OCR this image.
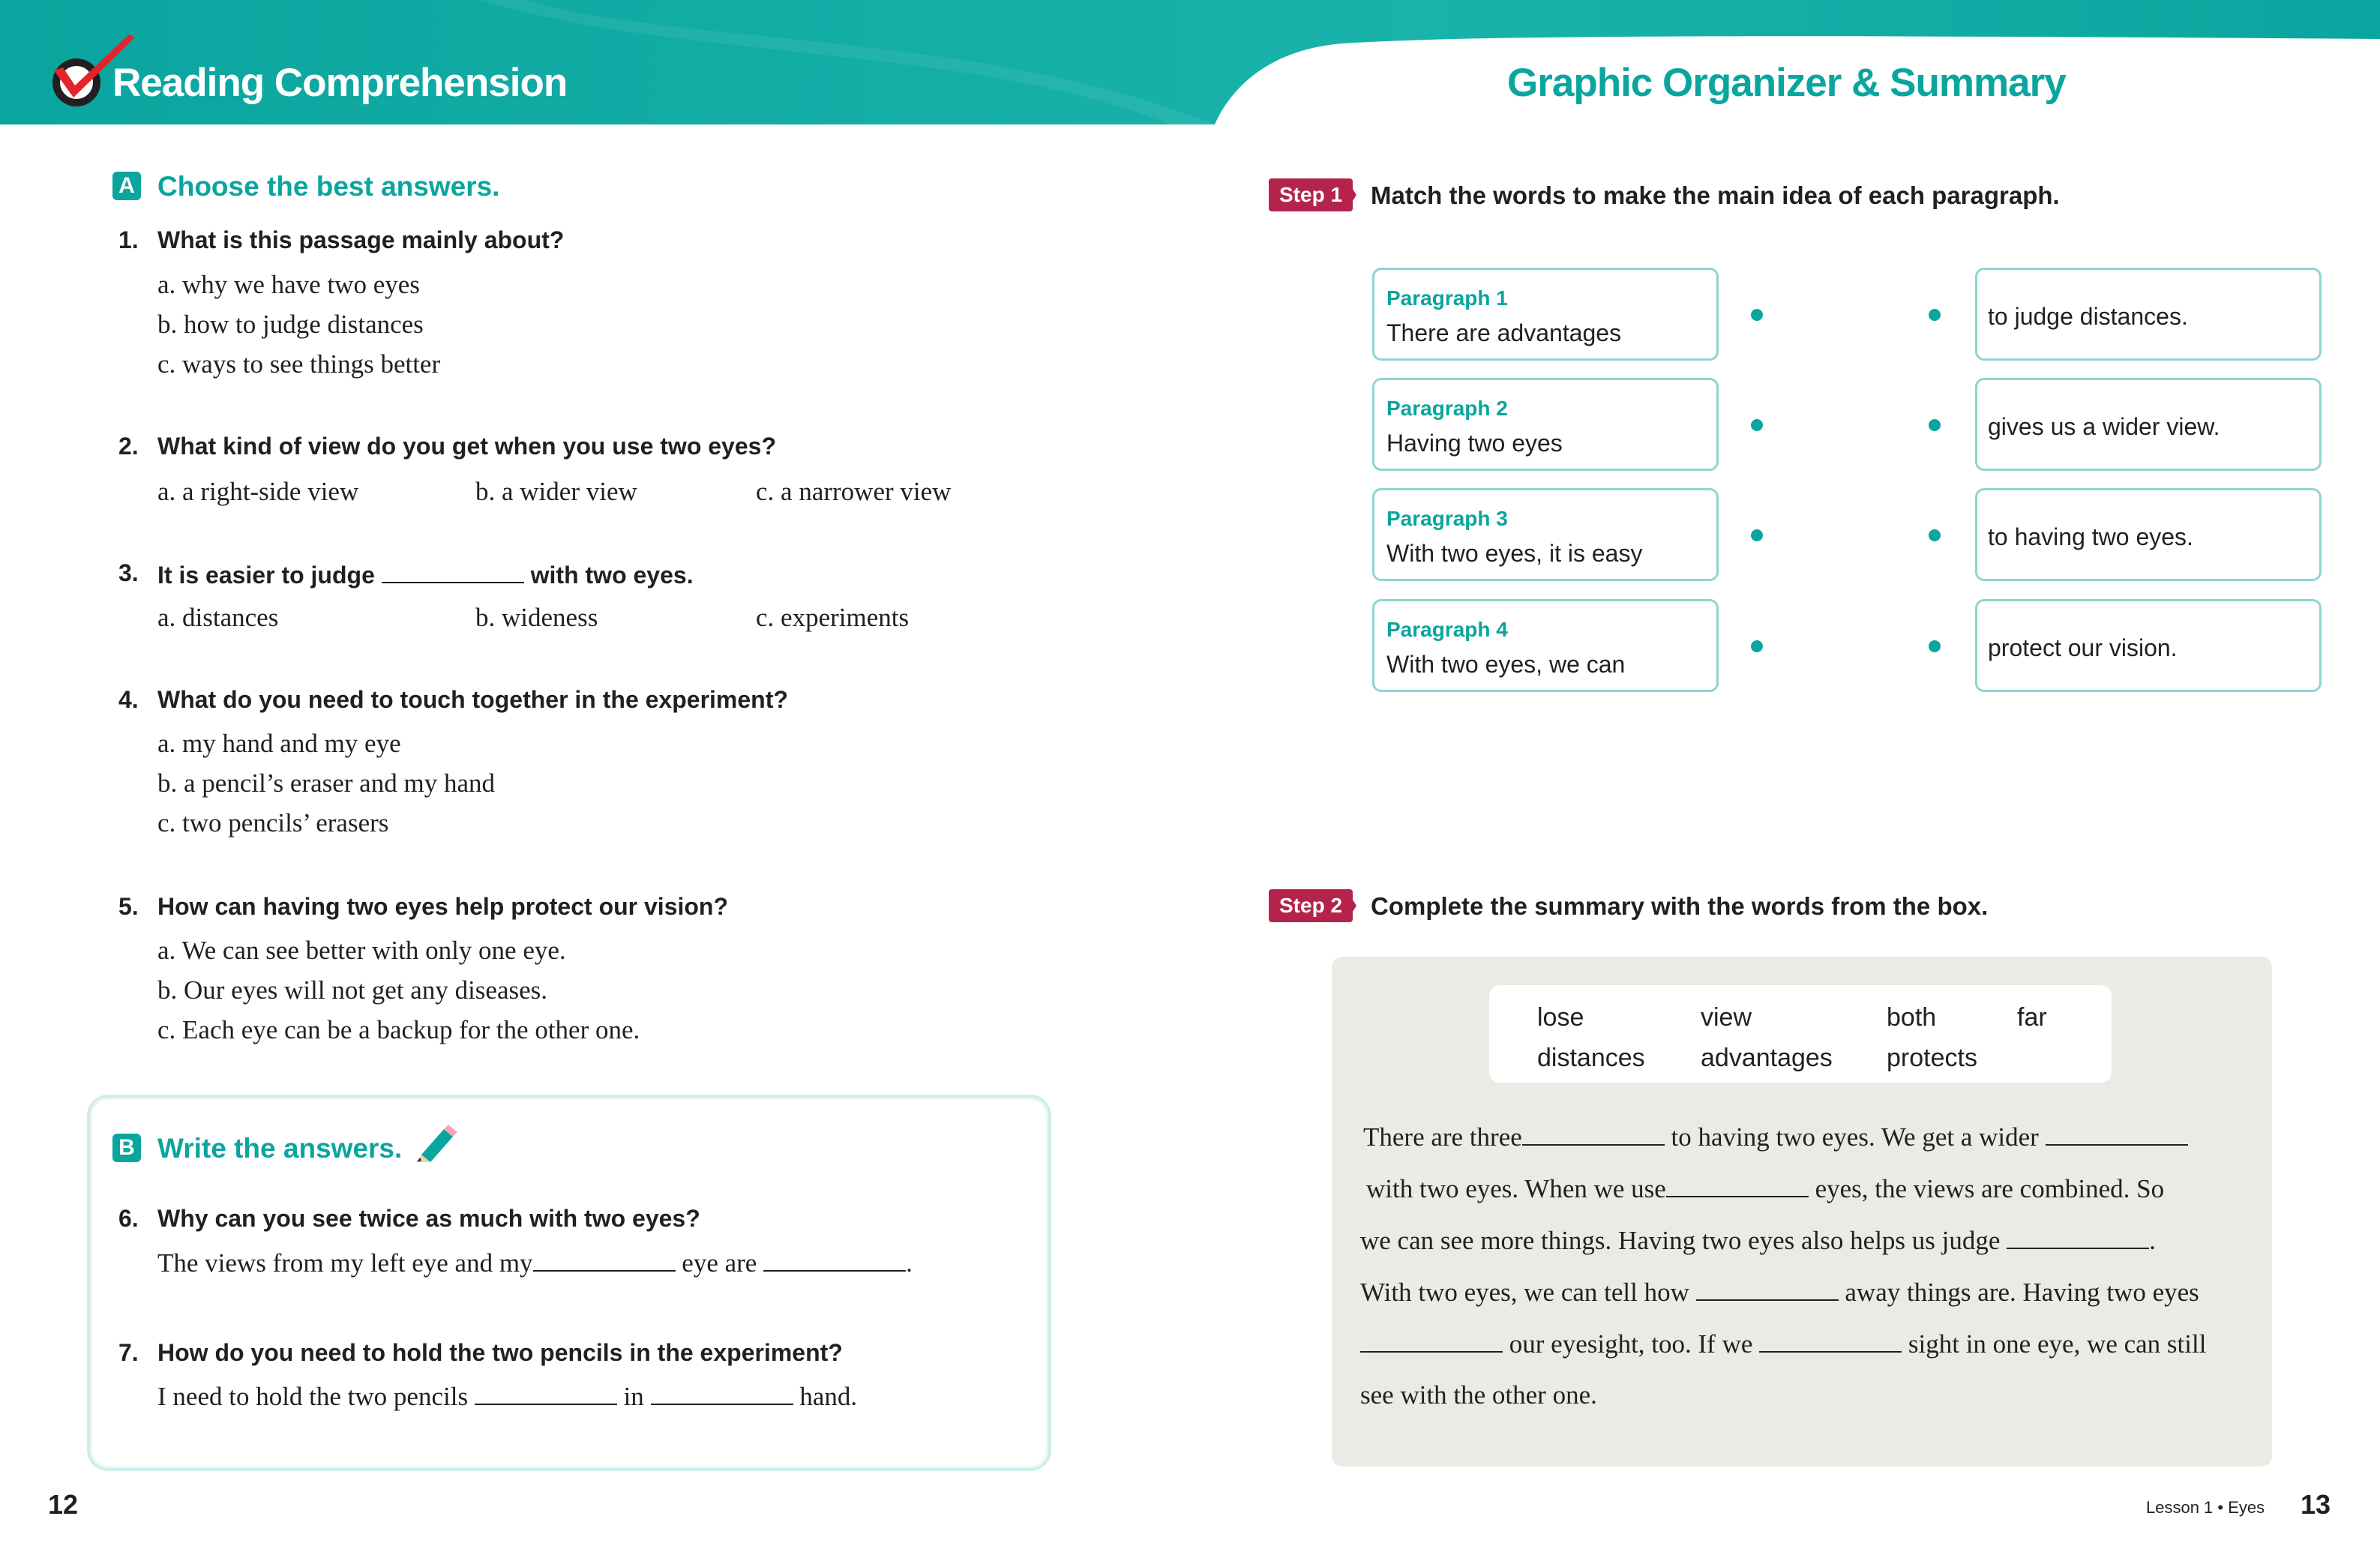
Reading Comprehension	Graphic Organizer & Summary
A Choose the best answers.
1. What is this passage mainly about?
a. why we have two eyes
b. how to judge distances
c. ways to see things better
2. What kind of view do you get when you use two eyes?
a. a right-side view	b. a wider view	c. a narrower view
3. It is easier to judge	with two eyes.
a. distances	b. wideness	c. experiments
4. What do you need to touch together in the experiment?
a. my hand and my eye
b. a pencil’s eraser and my hand
c. two pencils’ erasers
5. How can having two eyes help protect our vision?
a. We can see better with only one eye.
b. Our eyes will not get any diseases.
c. Each eye can be a backup for the other one.
B Write the answers.
6. Why can you see twice as much with two eyes?
The views from my left eye and my	eye are	.
7. How do you need to hold the two pencils in the experiment?
I need to hold the two pencils	in	hand.
Step 1	Match the words to make the main idea of each paragraph.
Paragraph 1
There are advantages
Paragraph 2
Having two eyes
Paragraph 3
With two eyes, it is easy
Paragraph 4
With two eyes, we can
to judge distances.
gives us a wider view.
to having two eyes.
protect our vision.
Step 2	Complete the summary with the words from the box.
lose	view	both	far
distances advantages protects
There are three	to having two eyes. We get a wider
with two eyes. When we use	eyes, the views are combined. So
we can see more things. Having two eyes also helps us judge	.
With two eyes, we can tell how	away things are. Having two eyes
our eyesight, too. If we	sight in one eye, we can still
see with the other one.
12	Lesson 1 • Eyes 13
